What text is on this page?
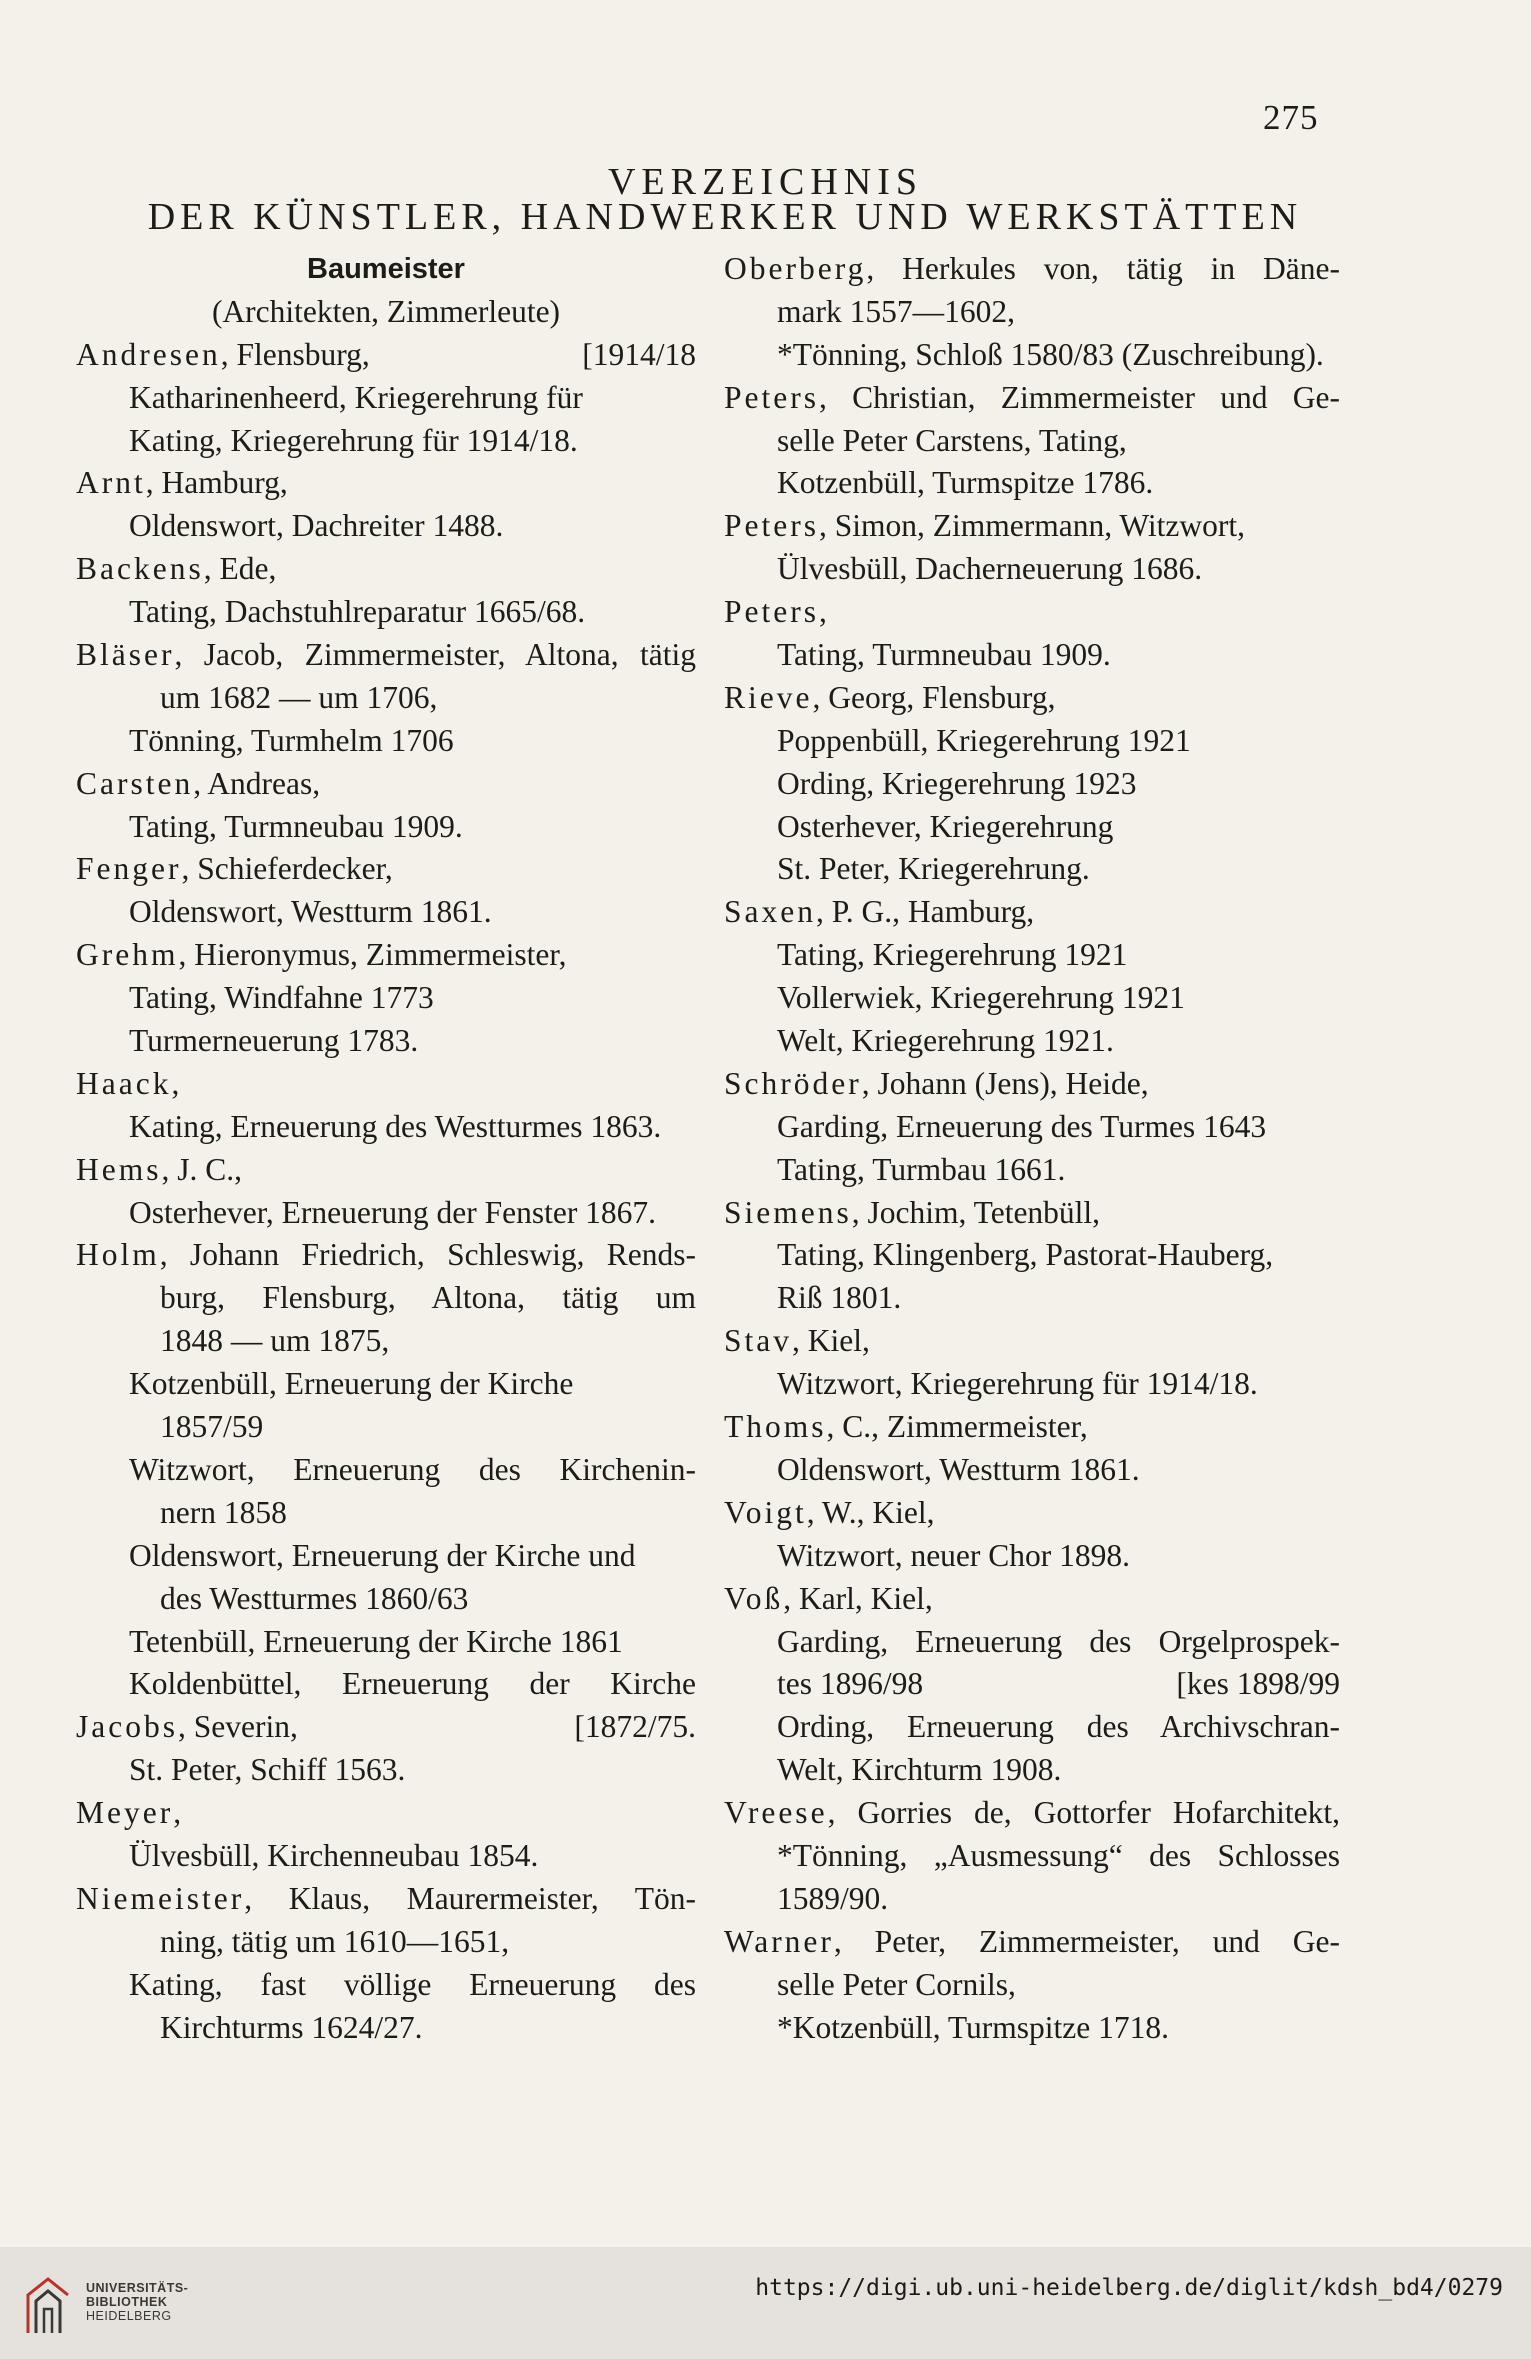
275
VERZEICHNIS
DER KÜNSTLER, HANDWERKER UND WERKSTÄTTEN
Baumeister
(Architekten, Zimmerleute)
Andresen, Flensburg,	[1914/18
Katharinenheerd, Kriegerehrung für
Kating, Kriegerehrung für 1914/18.
Arnt, Hamburg,
Oldenswort, Dachreiter 1488.
Backens, Ede,
Tating, Dachstuhlreparatur 1665/68.
Bläser, Jacob, Zimmermeister, Altona, tätig
um 1682 — um 1706,
Tönning, Turmhelm 1706
Carsten, Andreas,
Tating, Turmneubau 1909.
Fenger, Schieferdecker,
Oldenswort, Westturm 1861.
Grehm, Hieronymus, Zimmermeister,
Tating, Windfahne 1773
Turmerneuerung 1783.
Haack,
Kating, Erneuerung des Westturmes 1863.
Hems, J. C.,
Osterhever, Erneuerung der Fenster 1867.
Holm, Johann Friedrich, Schleswig, Rends-
burg, Flensburg, Altona, tätig um
1848 — um 1875,
Kotzenbüll, Erneuerung der Kirche
1857/59
Witzwort, Erneuerung des Kirchenin-
nern 1858
Oldenswort, Erneuerung der Kirche und
des Westturmes 1860/63
Tetenbüll, Erneuerung der Kirche 1861
Koldenbüttel, Erneuerung der Kirche
Jacobs, Severin,	[1872/75.
St. Peter, Schiff 1563.
Meyer,
Ülvesbüll, Kirchenneubau 1854.
Niemeister, Klaus, Maurermeister, Tön-
ning, tätig um 1610—1651,
Kating, fast völlige Erneuerung des
Kirchturms 1624/27.
Oberberg, Herkules von, tätig in Däne-
mark 1557—1602,
*Tönning, Schloß 1580/83 (Zuschreibung).
Peters, Christian, Zimmermeister und Ge-
selle Peter Carstens, Tating,
Kotzenbüll, Turmspitze 1786.
Peters, Simon, Zimmermann, Witzwort,
Ülvesbüll, Dacherneuerung 1686.
Peters,
Tating, Turmneubau 1909.
Rieve, Georg, Flensburg,
Poppenbüll, Kriegerehrung 1921
Ording, Kriegerehrung 1923
Osterhever, Kriegerehrung
St. Peter, Kriegerehrung.
Saxen, P. G., Hamburg,
Tating, Kriegerehrung 1921
Vollerwiek, Kriegerehrung 1921
Welt, Kriegerehrung 1921.
Schröder, Johann (Jens), Heide,
Garding, Erneuerung des Turmes 1643
Tating, Turmbau 1661.
Siemens, Jochim, Tetenbüll,
Tating, Klingenberg, Pastorat-Hauberg,
Riß 1801.
Stav, Kiel,
Witzwort, Kriegerehrung für 1914/18.
Thoms, C., Zimmermeister,
Oldenswort, Westturm 1861.
Voigt, W., Kiel,
Witzwort, neuer Chor 1898.
Voß, Karl, Kiel,
Garding, Erneuerung des Orgelprospek-
tes 1896/98	[kes 1898/99
Ording, Erneuerung des Archivschran-
Welt, Kirchturm 1908.
Vreese, Gorries de, Gottorfer Hofarchitekt,
*Tönning, „Ausmessung“ des Schlosses
1589/90.
Warner, Peter, Zimmermeister, und Ge-
selle Peter Cornils,
*Kotzenbüll, Turmspitze 1718.
UNIVERSITÄTS-
BIBLIOTHEK
HEIDELBERG
https://digi.ub.uni-heidelberg.de/diglit/kdsh_bd4/0279
